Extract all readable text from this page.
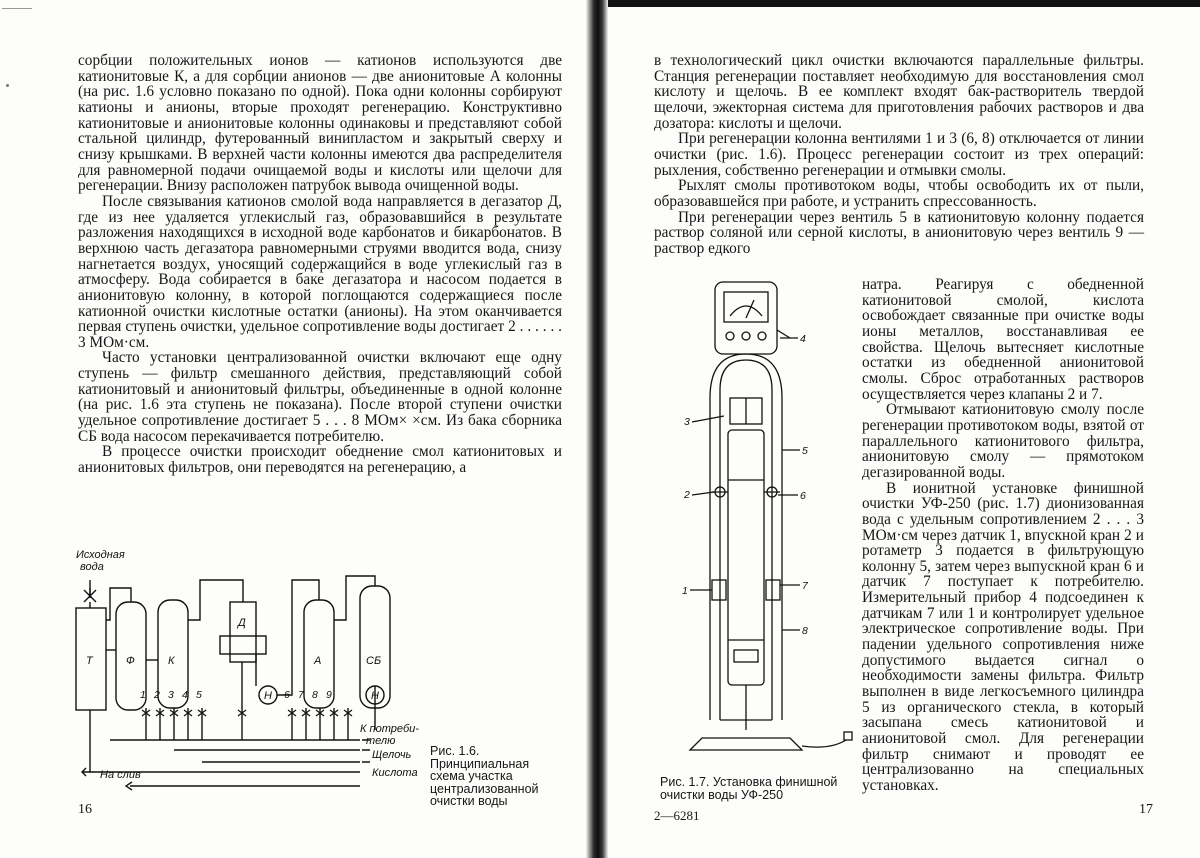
сорбции положительных ионов — катионов используются две катионитовые К, а для сорбции анионов — две анионитовые А колонны (на рис. 1.6 условно показано по одной). Пока одни колонны сорбируют катионы и анионы, вторые проходят регенерацию. Конструктивно катионитовые и анионитовые колонны одинаковы и представляют собой стальной цилиндр, футерованный винипластом и закрытый сверху и снизу крышками. В верхней части колонны имеются два распределителя для равномерной подачи очищаемой воды и кислоты или щелочи для регенерации. Внизу расположен патрубок вывода очищенной воды.

После связывания катионов смолой вода направляется в дегазатор Д, где из нее удаляется углекислый газ, образовавшийся в результате разложения находящихся в исходной воде карбонатов и бикарбонатов. В верхнюю часть дегазатора равномерными струями вводится вода, снизу нагнетается воздух, уносящий содержащийся в воде углекислый газ в атмосферу. Вода собирается в баке дегазатора и насосом подается в анионитовую колонну, в которой поглощаются содержащиеся после катионной очистки кислотные остатки (анионы). На этом оканчивается первая ступень очистки, удельное сопротивление воды достигает 2 . . . . . . 3 МОм·см.

Часто установки централизованной очистки включают еще одну ступень — фильтр смешанного действия, представляющий собой катионитовый и анионитовый фильтры, объединенные в одной колонне (на рис. 1.6 эта ступень не показана). После второй ступени очистки удельное сопротивление достигает 5 . . . 8 МОм× ×см. Из бака сборника СБ вода насосом перекачивается потребителю.

В процессе очистки происходит обеднение смол катионитовых и анионитовых фильтров, они переводятся на регенерацию, а

Исходная
вода
Т	Ф	К
Д
А	СБ
Н	Н
1 2 3 4 5	6 7 8 9
К потреби-
телю
Щелочь
Кислота
На слив
Рис. 1.6. Принципиальная схема участка централизованной очистки воды
16

в технологический цикл очистки включаются параллельные фильтры. Станция регенерации поставляет необходимую для восстановления смол кислоту и щелочь. В ее комплект входят бак-растворитель твердой щелочи, эжекторная система для приготовления рабочих растворов и два дозатора: кислоты и щелочи.

При регенерации колонна вентилями 1 и 3 (6, 8) отключается от линии очистки (рис. 1.6). Процесс регенерации состоит из трех операций: рыхления, собственно регенерации и отмывки смолы.

Рыхлят смолы противотоком воды, чтобы освободить их от пыли, образовавшейся при работе, и устранить спрессованность.

При регенерации через вентиль 5 в катионитовую колонну подается раствор соляной или серной кислоты, в анионитовую через вентиль 9 — раствор едкого

4
3
5
2	6
1	7
8

натра. Реагируя с обедненной катионитовой смолой, кислота освобождает связанные при очистке воды ионы металлов, восстанавливая ее свойства. Щелочь вытесняет кислотные остатки из обедненной анионитовой смолы. Сброс отработанных растворов осуществляется через клапаны 2 и 7.

Отмывают катионитовую смолу после регенерации противотоком воды, взятой от параллельного катионитового фильтра, анионитовую смолу — прямотоком дегазированной воды.

В ионитной установке финишной очистки УФ-250 (рис. 1.7) дионизованная вода с удельным сопротивлением 2 . . . 3 МОм·см через датчик 1, впускной кран 2 и ротаметр 3 подается в фильтрующую колонну 5, затем через выпускной кран 6 и датчик 7 поступает к потребителю. Измерительный прибор 4 подсоединен к датчикам 7 или 1 и контролирует удельное электрическое сопротивление воды. При падении удельного сопротивления ниже допустимого выдается сигнал о необходимости замены фильтра. Фильтр выполнен в виде легкосъемного цилиндра 5 из органического стекла, в который засыпана смесь катионитовой и анионитовой смол. Для регенерации фильтр снимают и проводят ее централизованно на специальных установках.

Рис. 1.7. Установка финишной очистки воды УФ-250
2—6281	17
